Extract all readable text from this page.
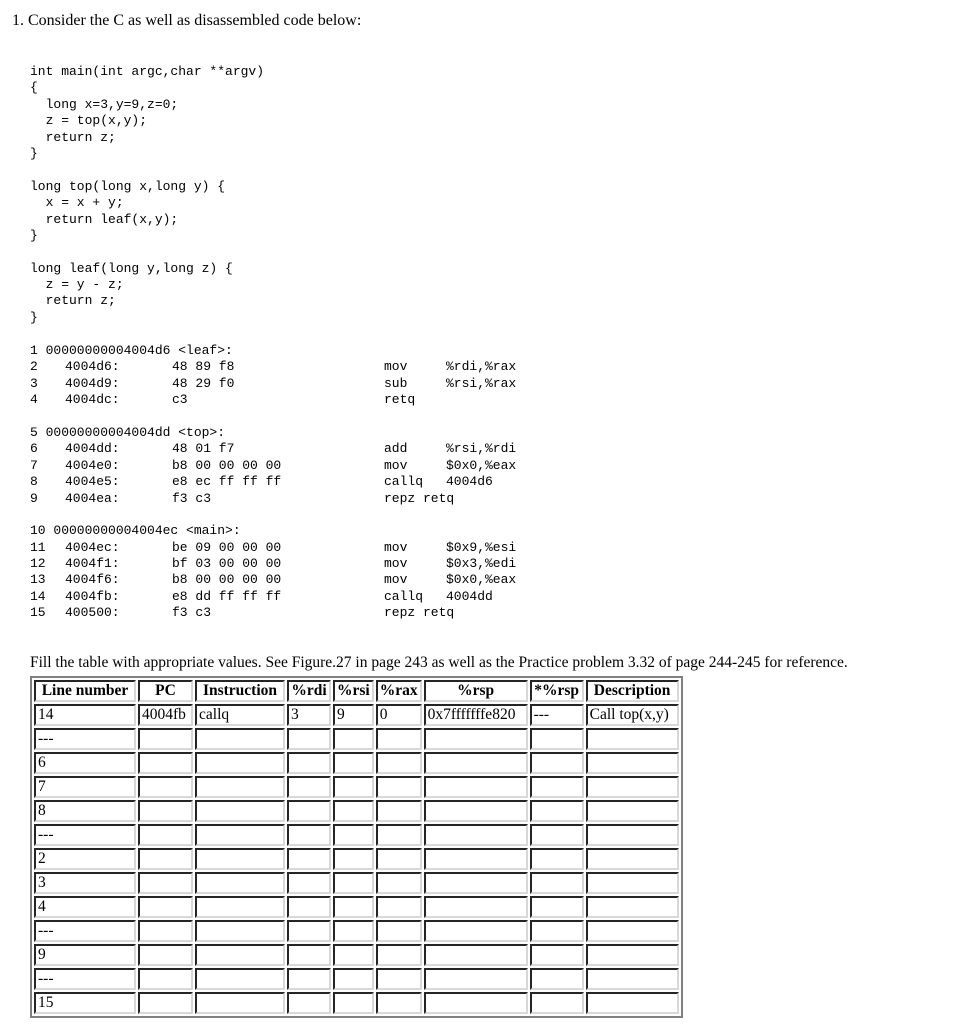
1. Consider the C as well as disassembled code below:
int main(int argc,char **argv)
{
long x=3,y=9,z=0;
z = top(x,y);
return z;
}
long top(long x,long y) {
x = x + y;
return leaf(x,y);
}
long leaf(long y,long z) {
z = y - z;
return z;
}
1 00000000004004d6 <leaf>:
2 4004d6:	48 89 f8	mov	%rdi,%rax
3 4004d9:	48 29 f0	sub	%rsi,%rax
4 4004dc:	c3	retq
5 00000000004004dd <top>:
6 4004dd:	48 01 f7	add	%rsi,%rdi
7 4004e0:	b8 00 00 00 00	mov	$0x0,%eax
8 4004e5:	e8 ec ff ff ff	callq 4004d6
9 4004ea:	f3 c3	repz retq
10 00000000004004ec <main>:
11 4004ec:	be 09 00 00 00	mov	$0x9,%esi
12 4004f1:	bf 03 00 00 00	mov	$0x3,%edi
13 4004f6:	b8 00 00 00 00	mov	$0x0,%eax
14 4004fb:	e8 dd ff ff ff	callq 4004dd
15 400500:	f3 c3	repz retq
Fill the table with appropriate values. See Figure.27 in page 243 as well as the Practice problem 3.32 of page 244-245 for reference.
Line number	PC	Instruction	%rdi	%rsi	%rax	%rsp	*%rsp	Description
14	4004fb	callq	3	9	0	0x7fffffffe820	---	Call top(x,y)
---								
6								
7								
8								
---								
2								
3								
4								
---								
9								
---								
15								
